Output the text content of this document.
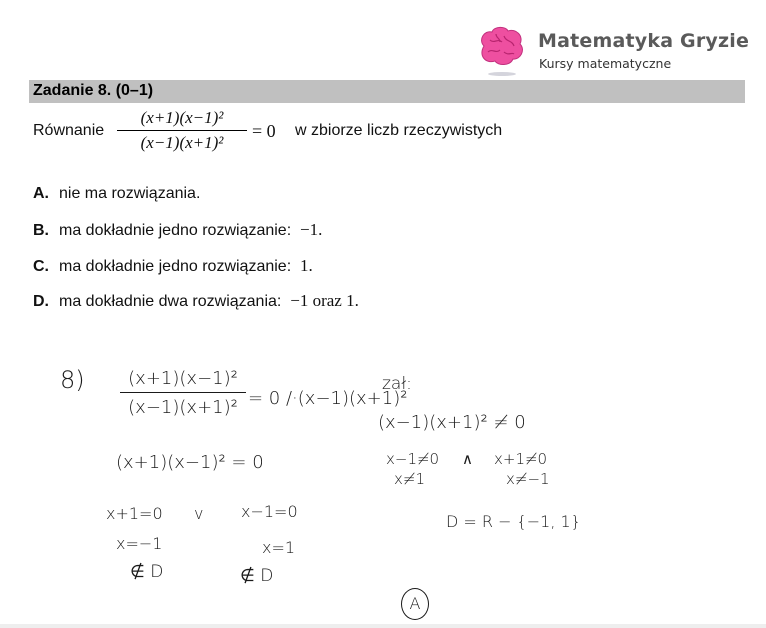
Matematyka Gryzie
Kursy matematyczne
Zadanie 8. (0–1)
Równanie $\frac{\text{(x+1)(x−1)²}}{\text{(x−1)(x+1)²}} = 0$ w zbiorze liczb rzeczywistych
A. nie ma rozwiązania.
B. ma dokładnie jedno rozwiązanie: −1.
C. ma dokładnie jedno rozwiązanie: 1.
D. ma dokładnie dwa rozwiązania: −1 oraz 1.
$8) \frac{\text{(x+1)(x−1)²}}{\text{(x−1)(x+1)²}} = 0$ /·(x−1)(x+1)²
zał:
(x−1)(x+1)² ≠ 0
x−1≠0 ∧ x+1≠0
x≠1	x≠−1
(x+1)(x−1)² = 0
x+1=0 v x−1=0
x=−1	x=1
∉ D	∉ D
D = R − {−1, 1}
A
